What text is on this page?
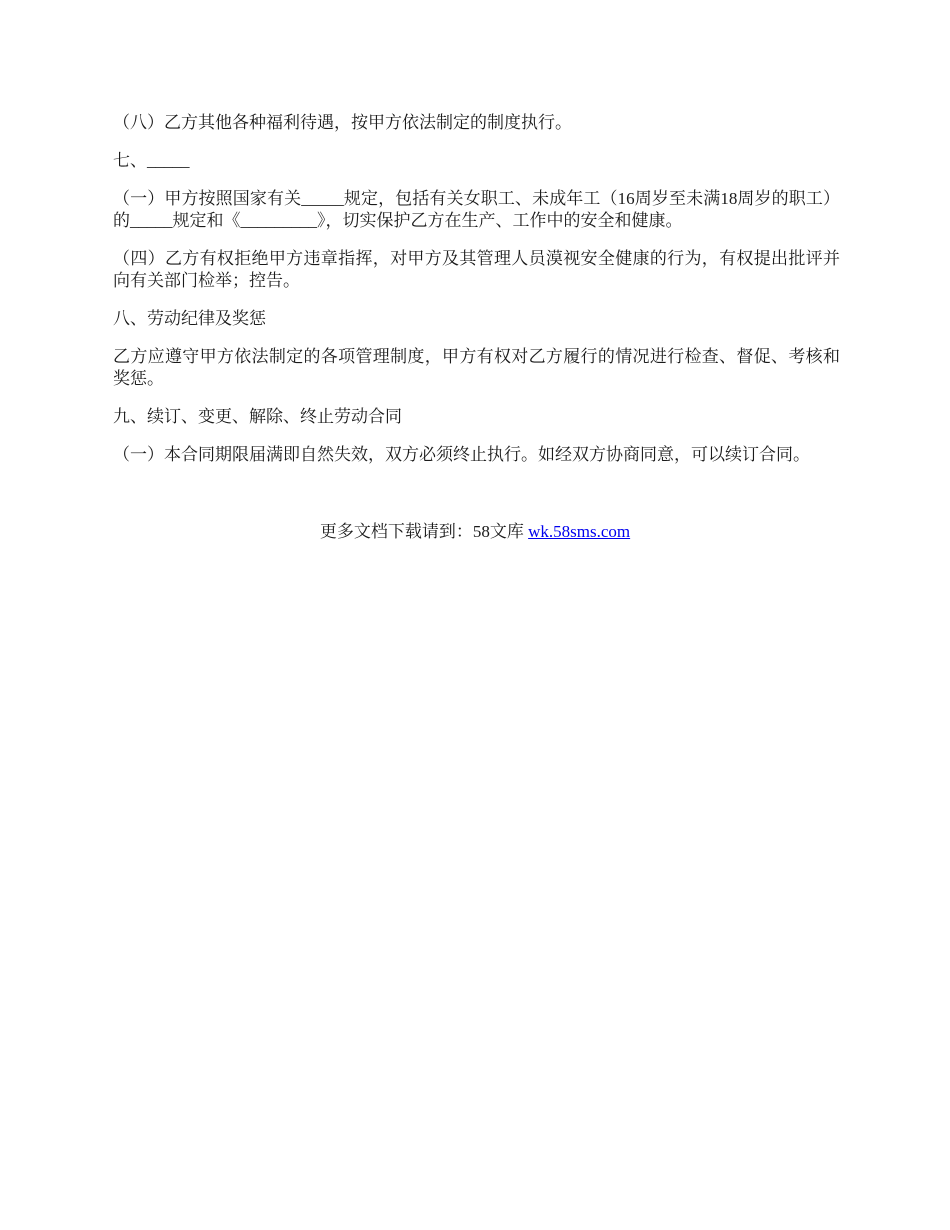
（八）乙方其他各种福利待遇，按甲方依法制定的制度执行。

七、_____

（一）甲方按照国家有关_____规定，包括有关女职工、未成年工（16周岁至未满18周岁的职工）的_____规定和《_________》，切实保护乙方在生产、工作中的安全和健康。

（四）乙方有权拒绝甲方违章指挥，对甲方及其管理人员漠视安全健康的行为，有权提出批评并向有关部门检举；控告。

八、劳动纪律及奖惩

乙方应遵守甲方依法制定的各项管理制度，甲方有权对乙方履行的情况进行检查、督促、考核和奖惩。

九、续订、变更、解除、终止劳动合同

（一）本合同期限届满即自然失效，双方必须终止执行。如经双方协商同意，可以续订合同。

更多文档下载请到：58文库 wk.58sms.com
